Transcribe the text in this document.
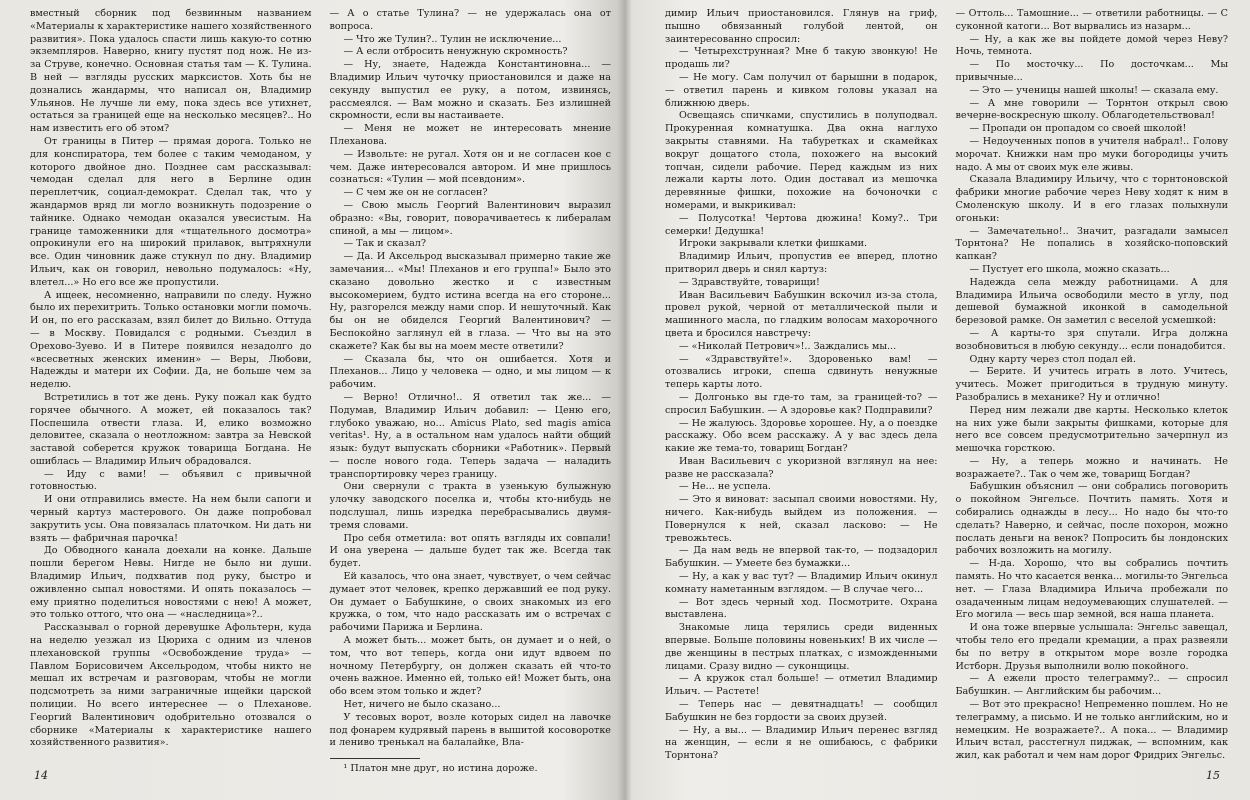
вместный сборник под безвинным названием «Материалы к характеристике нашего хозяйственного развития». Пока удалось спасти лишь какую-то сотню экземпляров. Наверно, книгу пустят под нож. Не из-за Струве, конечно. Основная статья там — К. Тулина. В ней — взгляды русских марксистов. Хоть бы не дознались жандармы, что написал он, Владимир Ульянов. Не лучше ли ему, пока здесь все утихнет, остаться за границей еще на несколько месяцев?.. Но нам известить его об этом?

От границы в Питер — прямая дорога. Только не для конспиратора, тем более с таким чемоданом, у которого двойное дно. Позднее сам рассказывал: чемодан сделал для него в Берлине один переплетчик, социал-демократ. Сделал так, что у жандармов вряд ли могло возникнуть подозрение о тайнике. Однако чемодан оказался увесистым. На границе таможенники для «тщательного досмотра» опрокинули его на широкий прилавок, вытряхнули все. Один чиновник даже стукнул по дну. Владимир Ильич, как он говорил, невольно подумалось: «Ну, влетел...» Но его все же пропустили.

А ищеек, несомненно, направили по следу. Нужно было их перехитрить. Только остановки могли помочь. И он, по его рассказам, взял билет до Вильно. Оттуда — в Москву. Повидался с родными. Съездил в Орехово-Зуево. И в Питере появился незадолго до «всесветных женских именин» — Веры, Любови, Надежды и матери их Софии. Да, не больше чем за неделю.

Встретились в тот же день. Руку пожал как будто горячее обычного. А может, ей показалось так? Поспешила отвести глаза. И, елико возможно деловитее, сказала о неотложном: завтра за Невской заставой соберется кружок товарища Богдана. Не ошиблась — Владимир Ильич обрадовался.

— Иду с вами! — объявил с привычной готовностью.

И они отправились вместе. На нем были сапоги и черный картуз мастерового. Он даже попробовал закрутить усы. Она повязалась платочком. Ни дать ни взять — фабричная парочка!

До Обводного канала доехали на конке. Дальше пошли берегом Невы. Нигде не было ни души. Владимир Ильич, подхватив под руку, быстро и оживленно сыпал новостями. И опять показалось — ему приятно поделиться новостями с нею! А может, это только оттого, что она — «наследница»?..

Рассказывал о горной деревушке Афольтерн, куда на неделю уезжал из Цюриха с одним из членов плехановской группы «Освобождение труда» — Павлом Борисовичем Аксельродом, чтобы никто не мешал их встречам и разговорам, чтобы не могли подсмотреть за ними заграничные ищейки царской полиции. Но всего интереснее — о Плеханове. Георгий Валентинович одобрительно отозвался о сборнике «Материалы к характеристике нашего хозяйственного развития».

— А о статье Тулина? — не удержалась она от вопроса.

— Что же Тулин?.. Тулин не исключение...

— А если отбросить ненужную скромность?

— Ну, знаете, Надежда Константиновна... — Владимир Ильич чуточку приостановился и даже на секунду выпустил ее руку, а потом, извинясь, рассмеялся. — Вам можно и сказать. Без излишней скромности, если вы настаиваете.

— Меня не может не интересовать мнение Плеханова.

— Извольте: не ругал. Хотя он и не согласен кое с чем. Даже интересовался автором. И мне пришлось сознаться: «Тулин — мой псевдоним».

— С чем же он не согласен?

— Свою мысль Георгий Валентинович выразил образно: «Вы, говорит, поворачиваетесь к либералам спиной, а мы — лицом».

— Так и сказал?

— Да. И Аксельрод высказывал примерно такие же замечания... «Мы! Плеханов и его группа!» Было это сказано довольно жестко и с известным высокомерием, будто истина всегда на его стороне... Ну, разгорелся между нами спор. И нешуточный. Как бы он не обиделся Георгий Валентинович? — Беспокойно заглянул ей в глаза. — Что вы на это скажете? Как бы вы на моем месте ответили?

— Сказала бы, что он ошибается. Хотя и Плеханов... Лицо у человека — одно, и мы лицом — к рабочим.

— Верно! Отлично!.. Я ответил так же... — Подумав, Владимир Ильич добавил: — Ценю его, глубоко уважаю, но... Amicus Plato, sed magis amica veritas¹. Ну, а в остальном нам удалось найти общий язык: будут выпускать сборники «Работник». Первый — после нового года. Теперь задача — наладить транспортировку через границу.

Они свернули с тракта в узенькую булыжную улочку заводского поселка и, чтобы кто-нибудь не подслушал, лишь изредка перебрасывались двумя-тремя словами.

Про себя отметила: вот опять взгляды их совпали! И она уверена — дальше будет так же. Всегда так будет.

Ей казалось, что она знает, чувствует, о чем сейчас думает этот человек, крепко державший ее под руку. Он думает о Бабушкине, о своих знакомых из его кружка, о том, что надо рассказать им о встречах с рабочими Парижа и Берлина.

А может быть... может быть, он думает и о ней, о том, что вот теперь, когда они идут вдвоем по ночному Петербургу, он должен сказать ей что-то очень важное. Именно ей, только ей! Может быть, она обо всем этом только и ждет?

Нет, ничего не было сказано...

У тесовых ворот, возле которых сидел на лавочке под фонарем кудрявый парень в вышитой косоворотке и лениво тренькал на балалайке, Вла-

¹ Платон мне друг, но истина дороже.

14

димир Ильич приостановился. Глянув на гриф, пышно обвязанный голубой лентой, он заинтересованно спросил:

— Четырехструнная? Мне б такую звонкую! Не продашь ли?

— Не могу. Сам получил от барышни в подарок, — ответил парень и кивком головы указал на ближнюю дверь.

Освещаясь спичками, спустились в полуподвал. Прокуренная комнатушка. Два окна наглухо закрыты ставнями. На табуретках и скамейках вокруг дощатого стола, похожего на высокий топчан, сидели рабочие. Перед каждым из них лежали карты лото. Один доставал из мешочка деревянные фишки, похожие на бочоночки с номерами, и выкрикивал:

— Полусотка! Чертова дюжина! Кому?.. Три семерки! Дедушка!

Игроки закрывали клетки фишками.

Владимир Ильич, пропустив ее вперед, плотно притворил дверь и снял картуз:

— Здравствуйте, товарищи!

Иван Васильевич Бабушкин вскочил из-за стола, провел рукой, черной от металлической пыли и машинного масла, по гладким волосам махорочного цвета и бросился навстречу:

— «Николай Петрович»!.. Заждались мы...

— «Здравствуйте!». Здоровенько вам! — отозвались игроки, спеша сдвинуть ненужные теперь карты лото.

— Долгонько вы где-то там, за границей-то? — спросил Бабушкин. — А здоровье как? Подправили?

— Не жалуюсь. Здоровье хорошее. Ну, а о поездке расскажу. Обо всем расскажу. А у вас здесь дела какие же тема-то, товарищ Богдан?

Иван Васильевич с укоризной взглянул на нее: разве не рассказала?

— Не... не успела.

— Это я виноват: засыпал своими новостями. Ну, ничего. Как-нибудь выйдем из положения. — Повернулся к ней, сказал ласково: — Не тревожьтесь.

— Да нам ведь не впервой так-то, — подзадорил Бабушкин. — Умеете без бумажки...

— Ну, а как у вас тут? — Владимир Ильич окинул комнату наметанным взглядом. — В случае чего...

— Вот здесь черный ход. Посмотрите. Охрана выставлена.

Знакомые лица терялись среди виденных впервые. Больше половины новеньких! В их числе — две женщины в пестрых платках, с изможденными лицами. Сразу видно — суконщицы.

— А кружок стал больше! — отметил Владимир Ильич. — Растете!

— Теперь нас — девятнадцать! — сообщил Бабушкин не без гордости за своих друзей.

— Ну, а вы... — Владимир Ильич перенес взгляд на женщин, — если я не ошибаюсь, с фабрики Торнтона?

— Оттоль... Тамошние... — ответили работницы. — С суконной катоги... Вот вырвались из назарм...

— Ну, а как же вы пойдете домой через Неву? Ночь, темнота.

— По мосточку... По досточкам... Мы привычные...

— Это — ученицы нашей школы! — сказала ему.

— А мне говорили — Торнтон открыл свою вечерне-воскресную школу. Облагодетельствовал!

— Пропади он пропадом со своей школой!

— Недоученных попов в учителя набрал!.. Голову морочат. Книжки нам про муки богородицы учить надо. А мы от своих мук еле живы.

Сказала Владимиру Ильичу, что с торнтоновской фабрики многие рабочие через Неву ходят к ним в Смоленскую школу. И в его глазах полыхнули огоньки:

— Замечательно!.. Значит, разгадали замысел Торнтона? Не попались в хозяйско-поповский капкан?

— Пустует его школа, можно сказать...

Надежда села между работницами. А для Владимира Ильича освободили место в углу, под дешевой бумажной иконкой в самодельной березовой рамке. Он заметил с веселой усмешкой:

— А карты-то зря спутали. Игра должна возобновиться в любую секунду... если понадобится.

Одну карту через стол подал ей.

— Берите. И учитесь играть в лото. Учитесь, учитесь. Может пригодиться в трудную минуту. Разобрались в механике? Ну и отлично!

Перед ним лежали две карты. Несколько клеток на них уже были закрыты фишками, которые для него все совсем предусмотрительно зачерпнул из мешочка горсткою.

— Ну, а теперь можно и начинать. Не возражаете?.. Так о чем же, товарищ Богдан?

Бабушкин объяснил — они собрались поговорить о покойном Энгельсе. Почтить память. Хотя и собирались однажды в лесу... Но надо бы что-то сделать? Наверно, и сейчас, после похорон, можно послать деньги на венок? Попросить бы лондонских рабочих возложить на могилу.

— Н-да. Хорошо, что вы собрались почтить память. Но что касается венка... могилы-то Энгельса нет. — Глаза Владимира Ильича пробежали по озадаченным лицам недоумевающих слушателей. — Его могила — весь шар земной, вся наша планета.

И она тоже впервые услышала: Энгельс завещал, чтобы тело его предали кремации, а прах развеяли бы по ветру в открытом море возле городка Истборн. Друзья выполнили волю покойного.

— А ежели просто телеграмму?.. — спросил Бабушкин. — Английским бы рабочим...

— Вот это прекрасно! Непременно пошлем. Но не телеграмму, а письмо. И не только английским, но и немецким. Не возражаете?.. А пока... — Владимир Ильич встал, расстегнул пиджак, — вспомним, как жил, как работал и чем нам дорог Фридрих Энгельс.

15
